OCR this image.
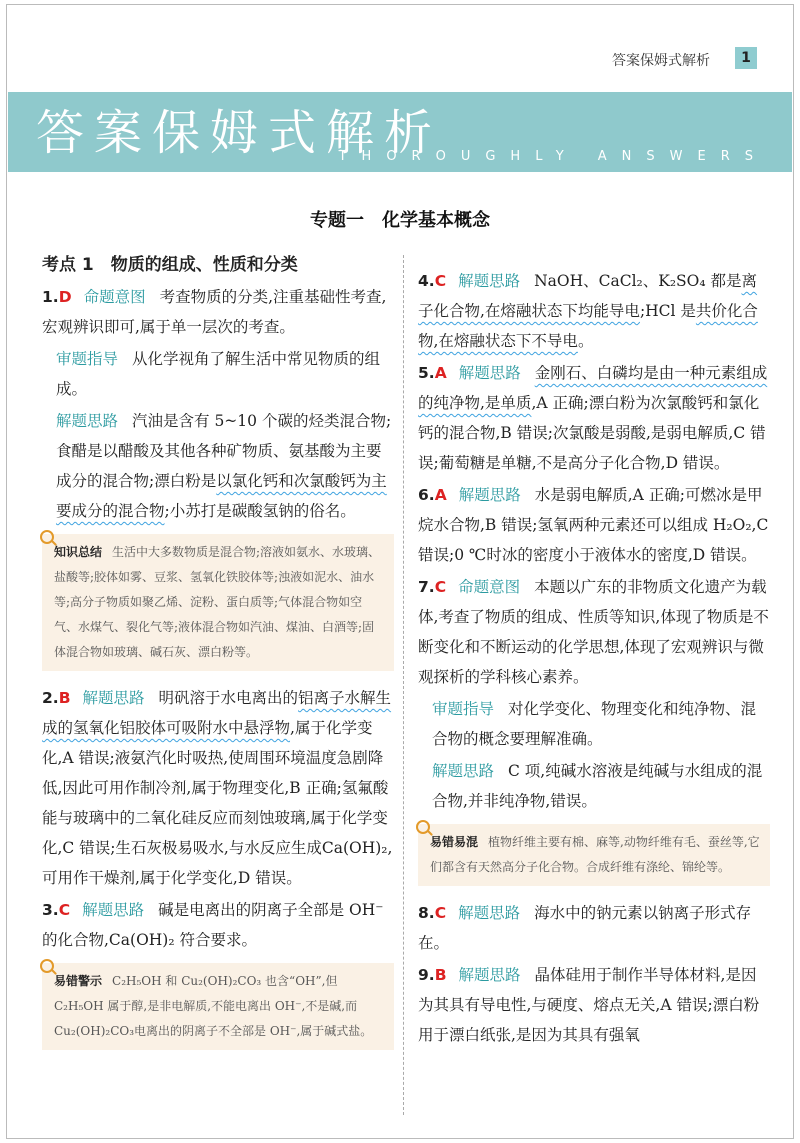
答案保姆式解析	1
答案保姆式解析
THOROUGHLY ANSWERS
专题一　化学基本概念
考点 1　物质的组成、性质和分类
1.D 命题意图 考查物质的分类,注重基础性考查,宏观辨识即可,属于单一层次的考查。
审题指导 从化学视角了解生活中常见物质的组成。
解题思路 汽油是含有 5~10 个碳的烃类混合物;食醋是以醋酸及其他各种矿物质、氨基酸为主要成分的混合物;漂白粉是以氯化钙和次氯酸钙为主要成分的混合物;小苏打是碳酸氢钠的俗名。
知识总结 生活中大多数物质是混合物;溶液如氨水、水玻璃、盐酸等;胶体如雾、豆浆、氢氧化铁胶体等;浊液如泥水、油水等;高分子物质如聚乙烯、淀粉、蛋白质等;气体混合物如空气、水煤气、裂化气等;液体混合物如汽油、煤油、白酒等;固体混合物如玻璃、碱石灰、漂白粉等。
2.B 解题思路 明矾溶于水电离出的铝离子水解生成的氢氧化铝胶体可吸附水中悬浮物,属于化学变化,A 错误;液氨汽化时吸热,使周围环境温度急剧降低,因此可用作制冷剂,属于物理变化,B 正确;氢氟酸能与玻璃中的二氧化硅反应而刻蚀玻璃,属于化学变化,C 错误;生石灰极易吸水,与水反应生成Ca(OH)₂,可用作干燥剂,属于化学变化,D 错误。
3.C 解题思路 碱是电离出的阴离子全部是 OH⁻的化合物,Ca(OH)₂ 符合要求。
易错警示 C₂H₅OH 和 Cu₂(OH)₂CO₃ 也含“OH”,但 C₂H₅OH 属于醇,是非电解质,不能电离出 OH⁻,不是碱,而 Cu₂(OH)₂CO₃电离出的阴离子不全部是 OH⁻,属于碱式盐。
4.C 解题思路 NaOH、CaCl₂、K₂SO₄ 都是离子化合物,在熔融状态下均能导电;HCl 是共价化合物,在熔融状态下不导电。
5.A 解题思路 金刚石、白磷均是由一种元素组成的纯净物,是单质,A 正确;漂白粉为次氯酸钙和氯化钙的混合物,B 错误;次氯酸是弱酸,是弱电解质,C 错误;葡萄糖是单糖,不是高分子化合物,D 错误。
6.A 解题思路 水是弱电解质,A 正确;可燃冰是甲烷水合物,B 错误;氢氧两种元素还可以组成 H₂O₂,C 错误;0 ℃时冰的密度小于液体水的密度,D 错误。
7.C 命题意图 本题以广东的非物质文化遗产为载体,考查了物质的组成、性质等知识,体现了物质是不断变化和不断运动的化学思想,体现了宏观辨识与微观探析的学科核心素养。
审题指导 对化学变化、物理变化和纯净物、混合物的概念要理解准确。
解题思路 C 项,纯碱水溶液是纯碱与水组成的混合物,并非纯净物,错误。
易错易混 植物纤维主要有棉、麻等,动物纤维有毛、蚕丝等,它们都含有天然高分子化合物。合成纤维有涤纶、锦纶等。
8.C 解题思路 海水中的钠元素以钠离子形式存在。
9.B 解题思路 晶体硅用于制作半导体材料,是因为其具有导电性,与硬度、熔点无关,A 错误;漂白粉用于漂白纸张,是因为其具有强氧
